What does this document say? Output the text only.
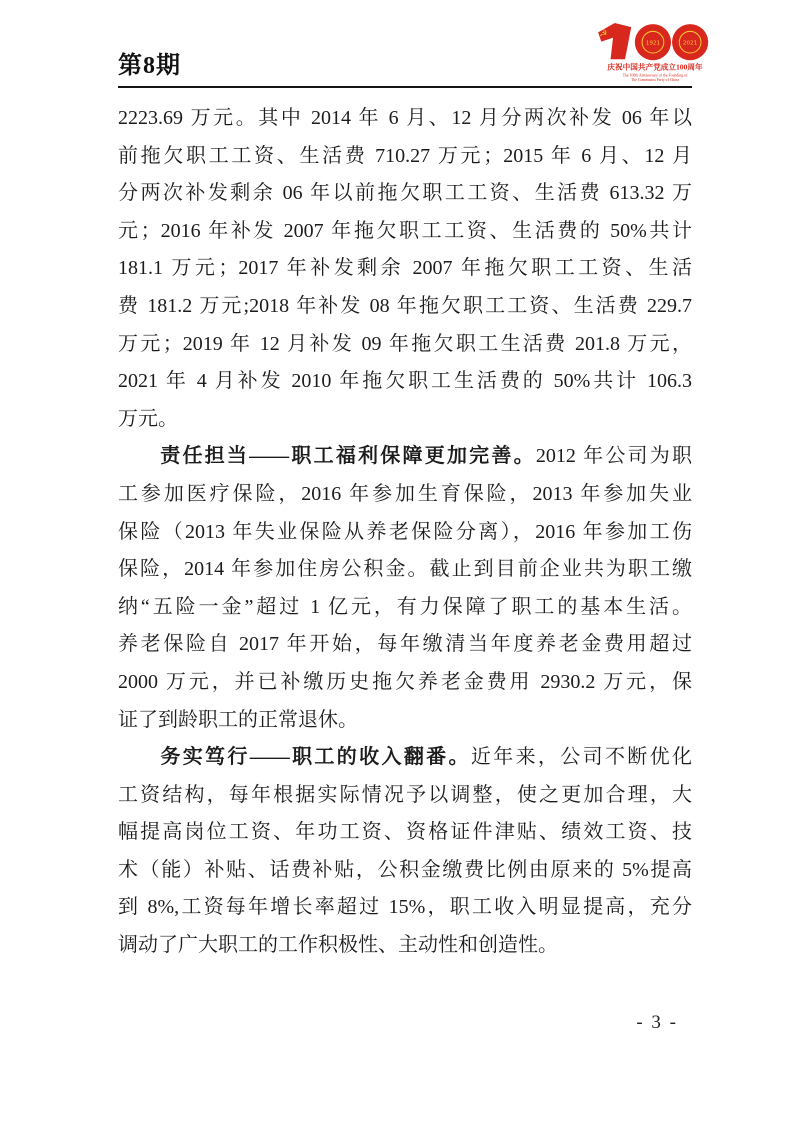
第8期
☭
1921	2021
庆祝中国共产党成立100周年
The 100th Anniversary of the Founding of
The Communist Party of China
2223.69 万元。其中 2014 年 6 月、12 月分两次补发 06 年以
前拖欠职工工资、生活费 710.27 万元；2015 年 6 月、12 月
分两次补发剩余 06 年以前拖欠职工工资、生活费 613.32 万
元；2016 年补发 2007 年拖欠职工工资、生活费的 50%共计
181.1 万元；2017 年补发剩余 2007 年拖欠职工工资、生活
费 181.2 万元;2018 年补发 08 年拖欠职工工资、生活费 229.7
万元；2019 年 12 月补发 09 年拖欠职工生活费 201.8 万元，
2021 年 4 月补发 2010 年拖欠职工生活费的 50%共计 106.3
万元。
责任担当——职工福利保障更加完善。2012 年公司为职
工参加医疗保险，2016 年参加生育保险，2013 年参加失业
保险（2013 年失业保险从养老保险分离），2016 年参加工伤
保险，2014 年参加住房公积金。截止到目前企业共为职工缴
纳“五险一金”超过 1 亿元，有力保障了职工的基本生活。
养老保险自 2017 年开始，每年缴清当年度养老金费用超过
2000 万元，并已补缴历史拖欠养老金费用 2930.2 万元，保
证了到龄职工的正常退休。
务实笃行——职工的收入翻番。近年来，公司不断优化
工资结构，每年根据实际情况予以调整，使之更加合理，大
幅提高岗位工资、年功工资、资格证件津贴、绩效工资、技
术（能）补贴、话费补贴，公积金缴费比例由原来的 5%提高
到 8%,工资每年增长率超过 15%，职工收入明显提高，充分
调动了广大职工的工作积极性、主动性和创造性。
- 3 -
